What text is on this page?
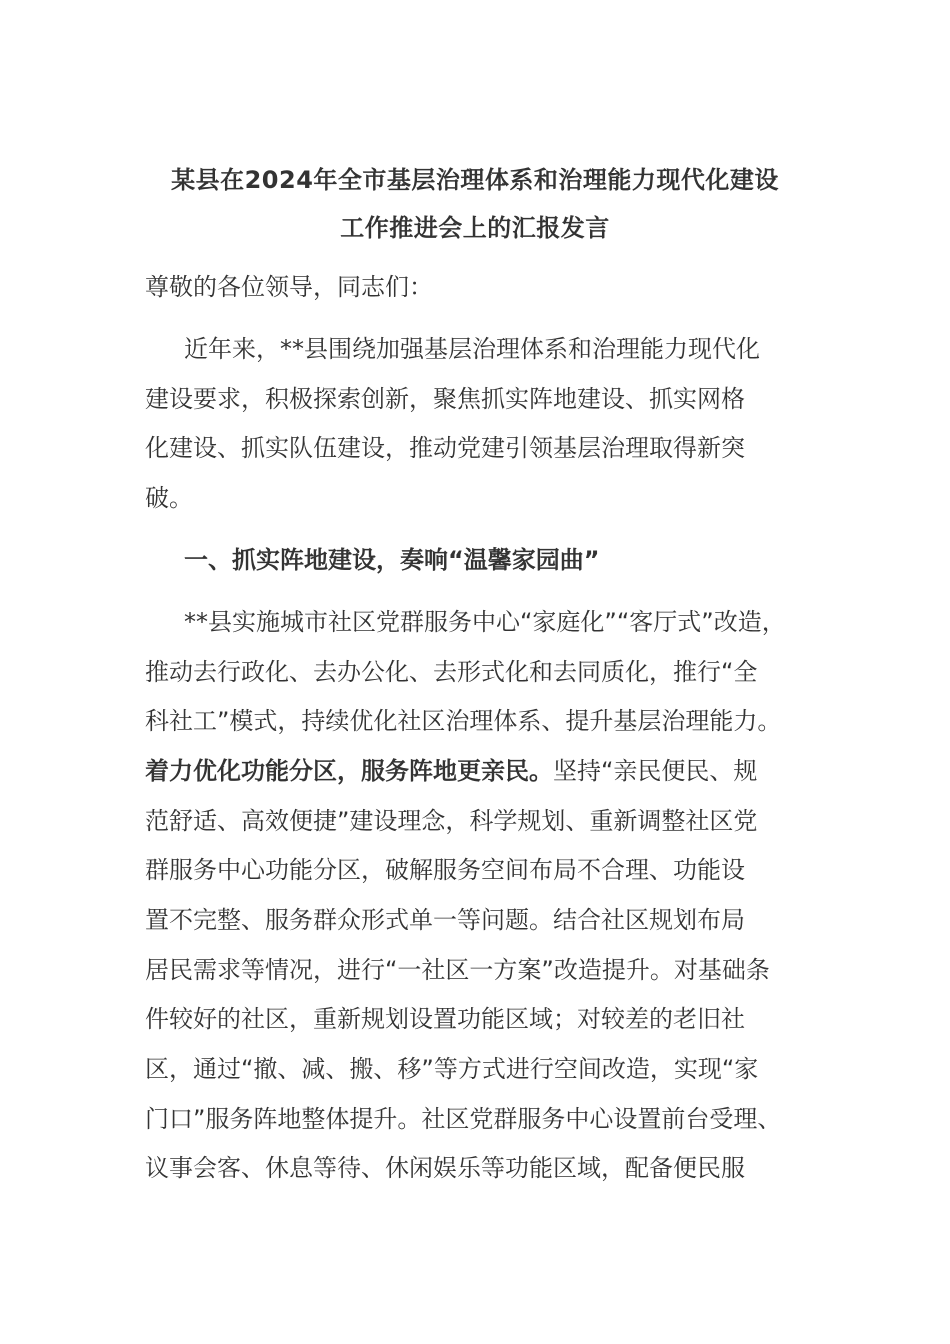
某县在2024年全市基层治理体系和治理能力现代化建设
工作推进会上的汇报发言
尊敬的各位领导，同志们：
近年来，**县围绕加强基层治理体系和治理能力现代化
建设要求，积极探索创新，聚焦抓实阵地建设、抓实网格
化建设、抓实队伍建设，推动党建引领基层治理取得新突
破。
一、抓实阵地建设，奏响“温馨家园曲”
**县实施城市社区党群服务中心“家庭化”“客厅式”改造，
推动去行政化、去办公化、去形式化和去同质化，推行“全
科社工”模式，持续优化社区治理体系、提升基层治理能力。
着力优化功能分区，服务阵地更亲民。坚持“亲民便民、规
范舒适、高效便捷”建设理念，科学规划、重新调整社区党
群服务中心功能分区，破解服务空间布局不合理、功能设
置不完整、服务群众形式单一等问题。结合社区规划布局
居民需求等情况，进行“一社区一方案”改造提升。对基础条
件较好的社区，重新规划设置功能区域；对较差的老旧社
区，通过“撤、减、搬、移”等方式进行空间改造，实现“家
门口”服务阵地整体提升。社区党群服务中心设置前台受理、
议事会客、休息等待、休闲娱乐等功能区域，配备便民服
